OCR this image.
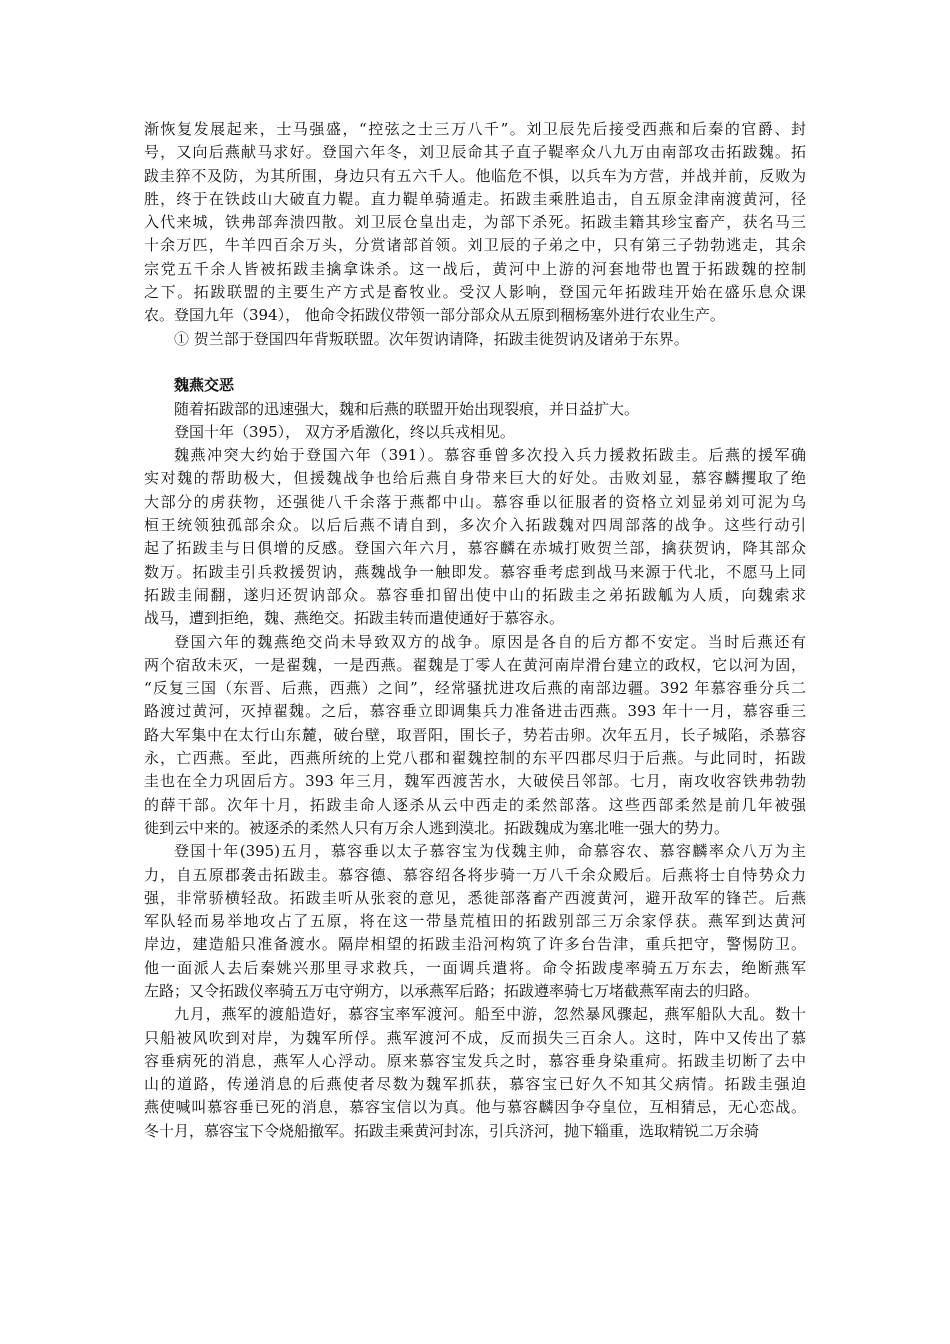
渐恢复发展起来，士马强盛，“控弦之士三万八千”。刘卫辰先后接受西燕和后秦的官爵、封
号，又向后燕献马求好。登国六年冬，刘卫辰命其子直子鞮率众八九万由南部攻击拓跋魏。拓
跋圭猝不及防，为其所围，身边只有五六千人。他临危不惧，以兵车为方营，并战并前，反败为
胜，终于在铁歧山大破直力鞮。直力鞮单骑遁走。拓跋圭乘胜追击，自五原金津南渡黄河，径
入代来城，铁弗部奔溃四散。刘卫辰仓皇出走，为部下杀死。拓跋圭籍其珍宝畜产，获名马三
十余万匹，牛羊四百余万头，分赏诸部首领。刘卫辰的子弟之中，只有第三子勃勃逃走，其余
宗党五千余人皆被拓跋圭擒拿诛杀。这一战后，黄河中上游的河套地带也置于拓跋魏的控制
之下。拓跋联盟的主要生产方式是畜牧业。受汉人影响，登国元年拓跋珪开始在盛乐息众课
农。登国九年（394）， 他命令拓跋仪带领一部分部众从五原到稒杨塞外进行农业生产。
① 贺兰部于登国四年背叛联盟。次年贺讷请降，拓跋圭徙贺讷及诸弟于东界。
魏燕交恶
随着拓跋部的迅速强大，魏和后燕的联盟开始出现裂痕，并日益扩大。
登国十年（395）， 双方矛盾激化，终以兵戎相见。
魏燕冲突大约始于登国六年（391）。慕容垂曾多次投入兵力援救拓跋圭。后燕的援军确
实对魏的帮助极大，但援魏战争也给后燕自身带来巨大的好处。击败刘显，慕容麟攫取了绝
大部分的虏获物，还强徙八千余落于燕都中山。慕容垂以征服者的资格立刘显弟刘可泥为乌
桓王统领独孤部余众。以后后燕不请自到，多次介入拓跋魏对四周部落的战争。这些行动引
起了拓跋圭与日俱增的反感。登国六年六月，慕容麟在赤城打败贺兰部，擒获贺讷，降其部众
数万。拓跋圭引兵救援贺讷，燕魏战争一触即发。慕容垂考虑到战马来源于代北，不愿马上同
拓跋圭闹翻，遂归还贺讷部众。慕容垂扣留出使中山的拓跋圭之弟拓跋觚为人质，向魏索求
战马，遭到拒绝，魏、燕绝交。拓跋圭转而遣使通好于慕容永。
登国六年的魏燕绝交尚未导致双方的战争。原因是各自的后方都不安定。当时后燕还有
两个宿敌未灭，一是翟魏，一是西燕。翟魏是丁零人在黄河南岸滑台建立的政权，它以河为固，
“反复三国（东晋、后燕，西燕）之间”，经常骚扰进攻后燕的南部边疆。392 年慕容垂分兵二
路渡过黄河，灭掉翟魏。之后，慕容垂立即调集兵力准备进击西燕。393 年十一月，慕容垂三
路大军集中在太行山东麓，破台壁，取晋阳，围长子，势若击卵。次年五月，长子城陷，杀慕容
永，亡西燕。至此，西燕所统的上党八郡和翟魏控制的东平四郡尽归于后燕。与此同时，拓跋
圭也在全力巩固后方。393 年三月，魏军西渡苦水，大破侯吕邻部。七月，南攻收容铁弗勃勃
的薛干部。次年十月，拓跋圭命人逐杀从云中西走的柔然部落。这些西部柔然是前几年被强
徙到云中来的。被逐杀的柔然人只有万余人逃到漠北。拓跋魏成为塞北唯一强大的势力。
登国十年(395)五月，慕容垂以太子慕容宝为伐魏主帅，命慕容农、慕容麟率众八万为主
力，自五原郡袭击拓跋圭。慕容德、慕容绍各将步骑一万八千余众殿后。后燕将士自恃势众力
强，非常骄横轻敌。拓跋圭听从张衮的意见，悉徙部落畜产西渡黄河，避开敌军的锋芒。后燕
军队轻而易举地攻占了五原，将在这一带垦荒植田的拓跋别部三万余家俘获。燕军到达黄河
岸边，建造船只准备渡水。隔岸相望的拓跋圭沿河构筑了许多台告津，重兵把守，警惕防卫。
他一面派人去后秦姚兴那里寻求救兵，一面调兵遣将。命令拓跋虔率骑五万东去，绝断燕军
左路；又令拓跋仪率骑五万屯守朔方，以承燕军后路；拓跋遵率骑七万堵截燕军南去的归路。
九月，燕军的渡船造好，慕容宝率军渡河。船至中游，忽然暴风骤起，燕军船队大乱。数十
只船被风吹到对岸，为魏军所俘。燕军渡河不成，反而损失三百余人。这时，阵中又传出了慕
容垂病死的消息，燕军人心浮动。原来慕容宝发兵之时，慕容垂身染重疴。拓跋圭切断了去中
山的道路，传递消息的后燕使者尽数为魏军抓获，慕容宝已好久不知其父病情。拓跋圭强迫
燕使喊叫慕容垂已死的消息，慕容宝信以为真。他与慕容麟因争夺皇位，互相猜忌，无心恋战。
冬十月，慕容宝下令烧船撤军。拓跋圭乘黄河封冻，引兵济河，抛下辎重，选取精锐二万余骑
